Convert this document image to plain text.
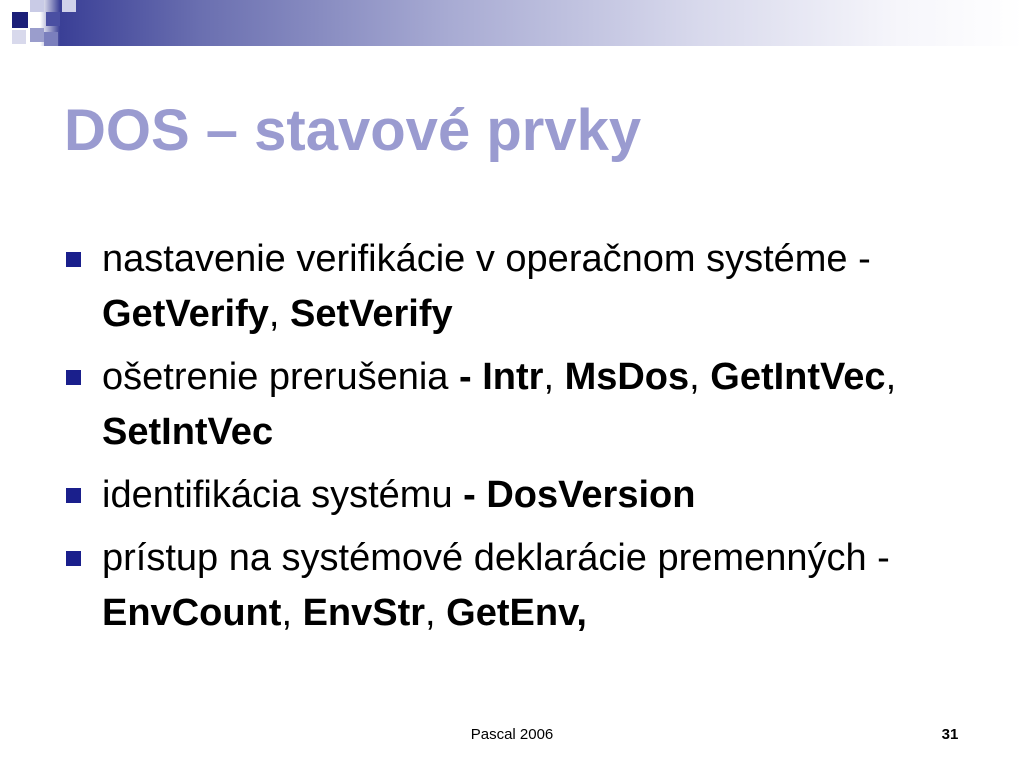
DOS – stavové prvky
nastavenie verifikácie v operačnom systéme - GetVerify, SetVerify
ošetrenie prerušenia - Intr, MsDos, GetIntVec, SetIntVec
identifikácia systému - DosVersion
prístup na systémové deklarácie premenných - EnvCount, EnvStr, GetEnv,
Pascal 2006	31
